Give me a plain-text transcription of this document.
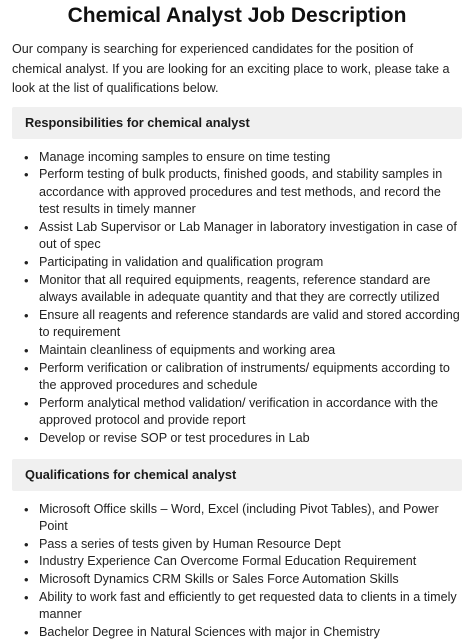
Chemical Analyst Job Description

Our company is searching for experienced candidates for the position of chemical analyst. If you are looking for an exciting place to work, please take a look at the list of qualifications below.

Responsibilities for chemical analyst
• Manage incoming samples to ensure on time testing
• Perform testing of bulk products, finished goods, and stability samples in accordance with approved procedures and test methods, and record the test results in timely manner
• Assist Lab Supervisor or Lab Manager in laboratory investigation in case of out of spec
• Participating in validation and qualification program
• Monitor that all required equipments, reagents, reference standard are always available in adequate quantity and that they are correctly utilized
• Ensure all reagents and reference standards are valid and stored according to requirement
• Maintain cleanliness of equipments and working area
• Perform verification or calibration of instruments/ equipments according to the approved procedures and schedule
• Perform analytical method validation/ verification in accordance with the approved protocol and provide report
• Develop or revise SOP or test procedures in Lab
Qualifications for chemical analyst
• Microsoft Office skills – Word, Excel (including Pivot Tables), and Power Point
• Pass a series of tests given by Human Resource Dept
• Industry Experience Can Overcome Formal Education Requirement
• Microsoft Dynamics CRM Skills or Sales Force Automation Skills
• Ability to work fast and efficiently to get requested data to clients in a timely manner
• Bachelor Degree in Natural Sciences with major in Chemistry
